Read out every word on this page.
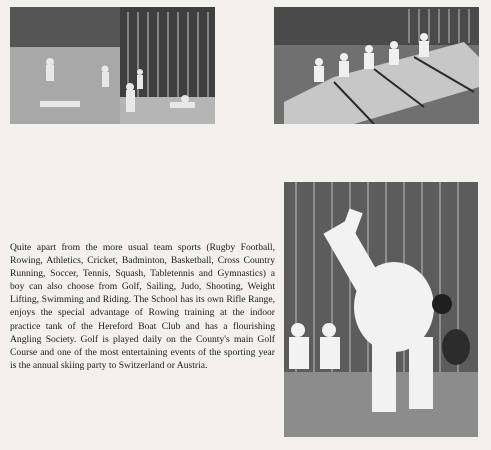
Quite apart from the more usual team sports (Rugby Football, Rowing, Athletics, Cricket, Badminton, Basketball, Cross Country Running, Soccer, Tennis, Squash, Tabletennis and Gymnastics) a boy can also choose from Golf, Sailing, Judo, Shooting, Weight Lifting, Swimming and Riding. The School has its own Rifle Range, enjoys the special advantage of Rowing training at the indoor practice tank of the Hereford Boat Club and has a flourishing Angling Society. Golf is played daily on the County's main Golf Course and one of the most entertaining events of the sporting year is the annual skiing party to Switzerland or Austria.
